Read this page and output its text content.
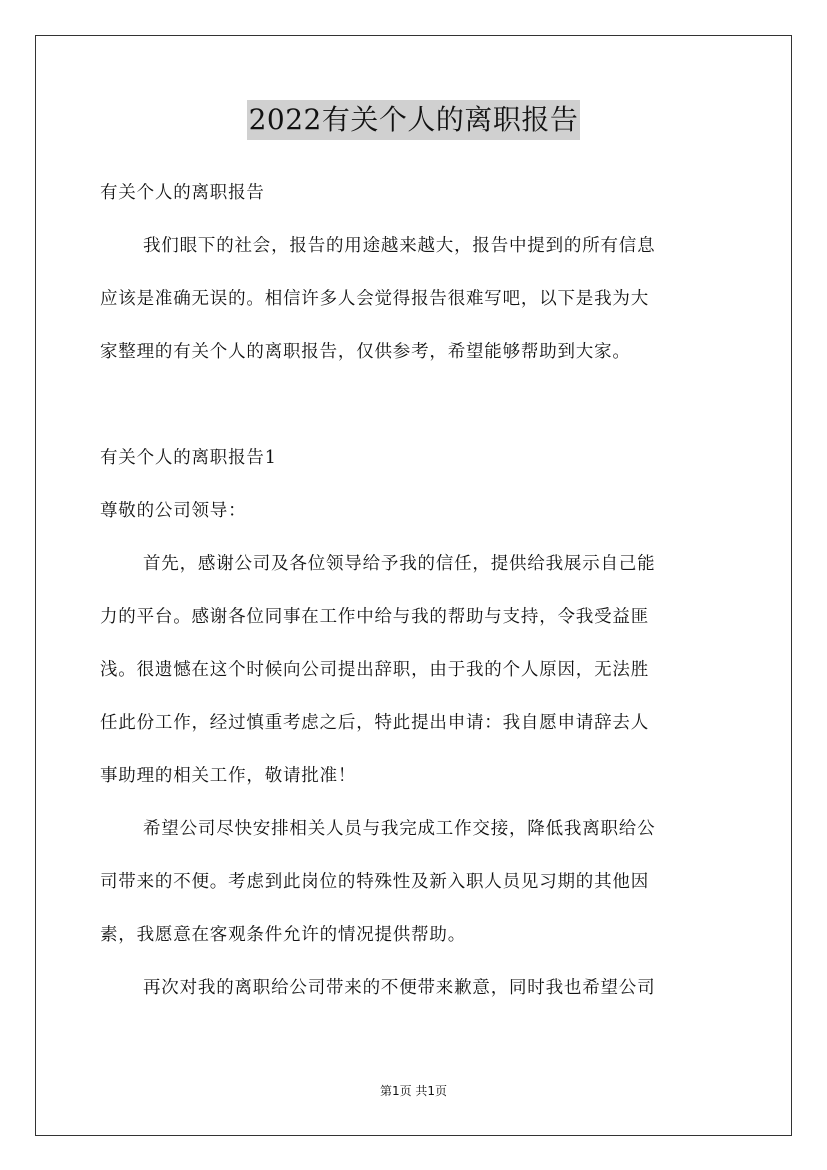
2022有关个人的离职报告
有关个人的离职报告
我们眼下的社会，报告的用途越来越大，报告中提到的所有信息
应该是准确无误的。相信许多人会觉得报告很难写吧，以下是我为大
家整理的有关个人的离职报告，仅供参考，希望能够帮助到大家。
有关个人的离职报告1
尊敬的公司领导：
首先，感谢公司及各位领导给予我的信任，提供给我展示自己能
力的平台。感谢各位同事在工作中给与我的帮助与支持，令我受益匪
浅。很遗憾在这个时候向公司提出辞职，由于我的个人原因，无法胜
任此份工作，经过慎重考虑之后，特此提出申请：我自愿申请辞去人
事助理的相关工作，敬请批准！
希望公司尽快安排相关人员与我完成工作交接，降低我离职给公
司带来的不便。考虑到此岗位的特殊性及新入职人员见习期的其他因
素，我愿意在客观条件允许的情况提供帮助。
再次对我的离职给公司带来的不便带来歉意，同时我也希望公司
第1页 共1页
